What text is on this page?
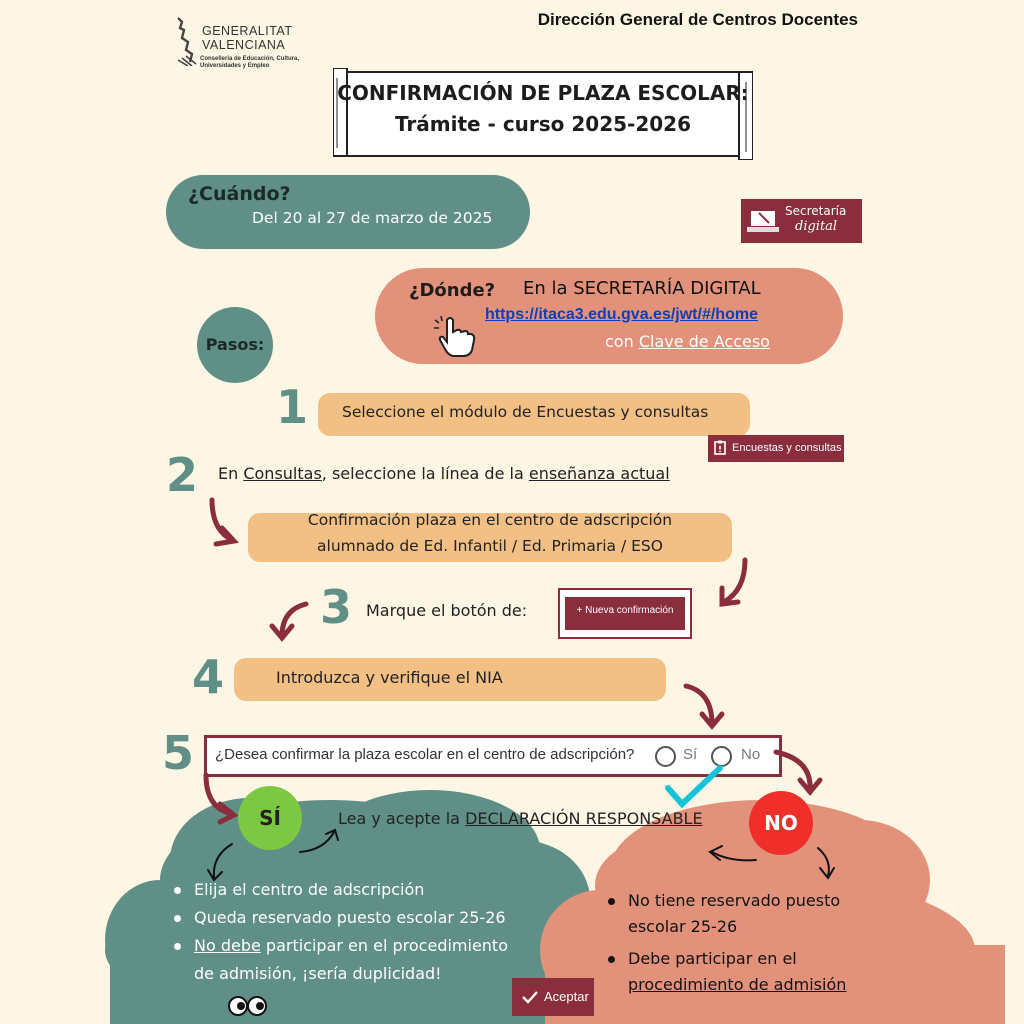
GENERALITAT
VALENCIANA
Conselleria de Educación, Cultura,
Universidades y Empleo
Dirección General de Centros Docentes
CONFIRMACIÓN DE PLAZA ESCOLAR:
Trámite - curso 2025-2026
¿Cuándo?
Del 20 al 27 de marzo de 2025	Secretaría
digital
¿Dónde? En la SECRETARÍA DIGITAL
https://itaca3.edu.gva.es/jwt/#/home
con Clave de Acceso
Pasos:
1 Seleccione el módulo de Encuestas y consultas
Encuestas y consultas
2 En Consultas, seleccione la línea de la enseñanza actual
Confirmación plaza en el centro de adscripción
alumnado de Ed. Infantil / Ed. Primaria / ESO
3 Marque el botón de:	+ Nueva confirmación
4	Introduzca y verifique el NIA
5 ¿Desea confirmar la plaza escolar en el centro de adscripción?	Sí	No
SÍ	Lea y acepte la DECLARACIÓN RESPONSABLE
Elija el centro de adscripción
Queda reservado puesto escolar 25-26
No debe participar en el procedimiento
de admisión, ¡sería duplicidad!
Aceptar
NO
No tiene reservado puesto
escolar 25-26
Debe participar en el
procedimiento de admisión
